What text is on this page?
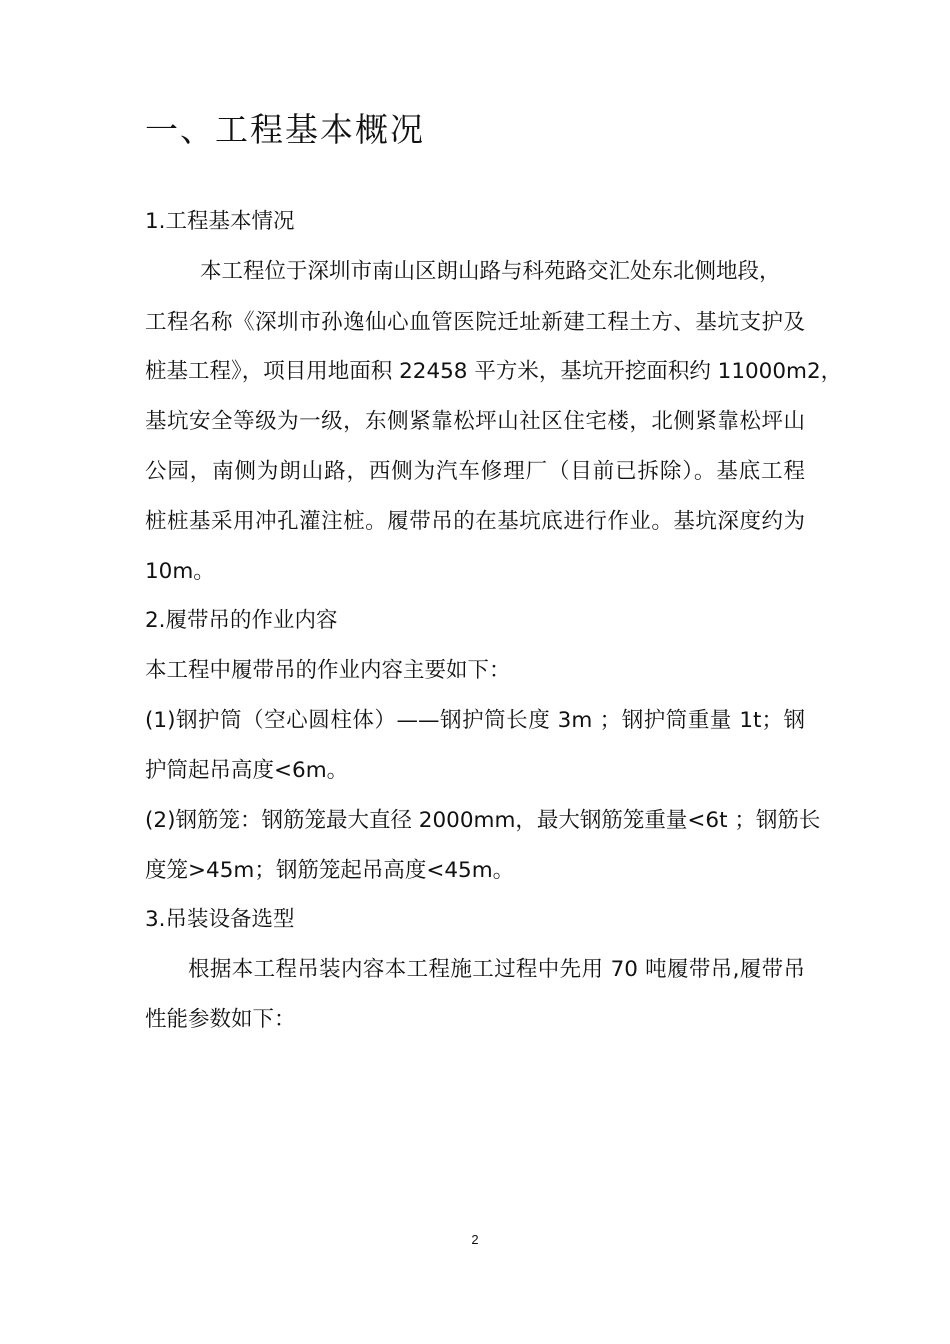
一、工程基本概况
1.工程基本情况
本工程位于深圳市南山区朗山路与科苑路交汇处东北侧地段，
工程名称《深圳市孙逸仙心血管医院迁址新建工程土方、基坑支护及
桩基工程》，项目用地面积 22458 平方米，基坑开挖面积约 11000m2，
基坑安全等级为一级，东侧紧靠松坪山社区住宅楼，北侧紧靠松坪山
公园，南侧为朗山路，西侧为汽车修理厂（目前已拆除）。基底工程
桩桩基采用冲孔灌注桩。履带吊的在基坑底进行作业。基坑深度约为
10m。
2.履带吊的作业内容
本工程中履带吊的作业内容主要如下：
(1)钢护筒（空心圆柱体）——钢护筒长度 3m ；钢护筒重量 1t；钢
护筒起吊高度<6m。
(2)钢筋笼：钢筋笼最大直径 2000mm，最大钢筋笼重量<6t ；钢筋长
度笼>45m；钢筋笼起吊高度<45m。
3.吊装设备选型
根据本工程吊装内容本工程施工过程中先用 70 吨履带吊,履带吊
性能参数如下：
2
